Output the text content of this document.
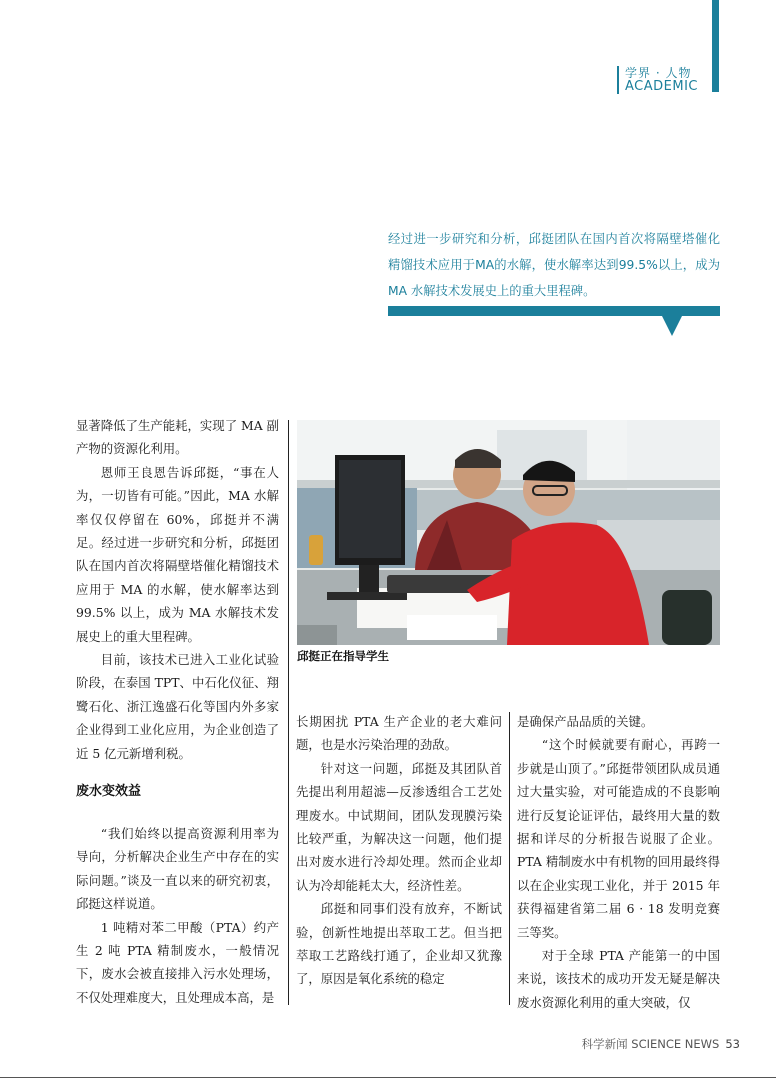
学界 · 人物
ACADEMIC
经过进一步研究和分析，邱挺团队在国内首次将隔壁塔催化精馏技术应用于MA的水解，使水解率达到99.5%以上，成为 MA 水解技术发展史上的重大里程碑。

显著降低了生产能耗，实现了 MA 副产物的资源化利用。

恩师王良恩告诉邱挺，“事在人为，一切皆有可能。”因此，MA 水解率仅仅停留在 60%，邱挺并不满足。经过进一步研究和分析，邱挺团队在国内首次将隔壁塔催化精馏技术应用于 MA 的水解，使水解率达到 99.5% 以上，成为 MA 水解技术发展史上的重大里程碑。

目前，该技术已进入工业化试验阶段，在泰国 TPT、中石化仪征、翔鹭石化、浙江逸盛石化等国内外多家企业得到工业化应用，为企业创造了近 5 亿元新增利税。

废水变效益

“我们始终以提高资源利用率为导向，分析解决企业生产中存在的实际问题。”谈及一直以来的研究初衷，邱挺这样说道。

1 吨精对苯二甲酸（PTA）约产生 2 吨 PTA 精制废水，一般情况下，废水会被直接排入污水处理场，不仅处理难度大，且处理成本高，是

邱挺正在指导学生

长期困扰 PTA 生产企业的老大难问题，也是水污染治理的劲敌。

针对这一问题，邱挺及其团队首先提出利用超滤—反渗透组合工艺处理废水。中试期间，团队发现膜污染比较严重，为解决这一问题，他们提出对废水进行冷却处理。然而企业却认为冷却能耗太大，经济性差。

邱挺和同事们没有放弃，不断试验，创新性地提出萃取工艺。但当把萃取工艺路线打通了，企业却又犹豫了，原因是氧化系统的稳定

是确保产品品质的关键。

“这个时候就要有耐心，再跨一步就是山顶了。”邱挺带领团队成员通过大量实验，对可能造成的不良影响进行反复论证评估，最终用大量的数据和详尽的分析报告说服了企业。PTA 精制废水中有机物的回用最终得以在企业实现工业化，并于 2015 年获得福建省第二届 6 · 18 发明竞赛三等奖。

对于全球 PTA 产能第一的中国来说，该技术的成功开发无疑是解决废水资源化利用的重大突破，仅

科学新闻 SCIENCE NEWS 53
